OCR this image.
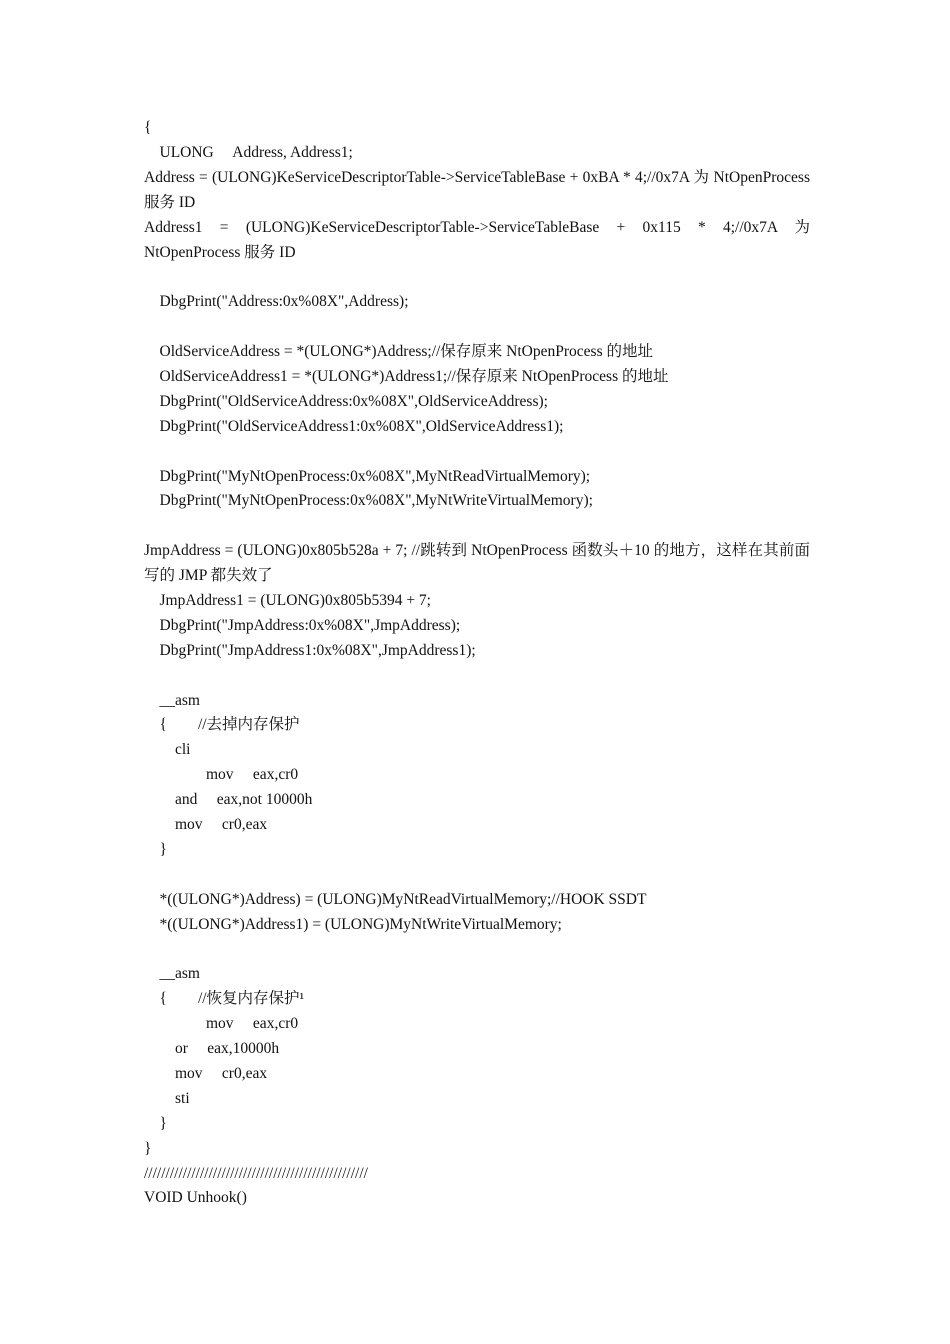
{
ULONG     Address, Address1;
Address = (ULONG)KeServiceDescriptorTable->ServiceTableBase + 0xBA * 4;//0x7A 为 NtOpenProcess 服务 ID
Address1 = (ULONG)KeServiceDescriptorTable->ServiceTableBase + 0x115 * 4;//0x7A 为 NtOpenProcess 服务 ID
DbgPrint("Address:0x%08X",Address);
OldServiceAddress = *(ULONG*)Address;//保存原来 NtOpenProcess 的地址
OldServiceAddress1 = *(ULONG*)Address1;//保存原来 NtOpenProcess 的地址
DbgPrint("OldServiceAddress:0x%08X",OldServiceAddress);
DbgPrint("OldServiceAddress1:0x%08X",OldServiceAddress1);
DbgPrint("MyNtOpenProcess:0x%08X",MyNtReadVirtualMemory);
DbgPrint("MyNtOpenProcess:0x%08X",MyNtWriteVirtualMemory);
JmpAddress = (ULONG)0x805b528a + 7; //跳转到 NtOpenProcess 函数头＋10 的地方，这样在其前面写的 JMP 都失效了
JmpAddress1 = (ULONG)0x805b5394 + 7;
DbgPrint("JmpAddress:0x%08X",JmpAddress);
DbgPrint("JmpAddress1:0x%08X",JmpAddress1);
__asm
{        //去掉内存保护
cli
mov     eax,cr0
and     eax,not 10000h
mov     cr0,eax
}
*((ULONG*)Address) = (ULONG)MyNtReadVirtualMemory;//HOOK SSDT
*((ULONG*)Address1) = (ULONG)MyNtWriteVirtualMemory;
__asm
{        //恢复内存保护¹
mov     eax,cr0
or     eax,10000h
mov     cr0,eax
sti
}
}
////////////////////////////////////////////////////
VOID Unhook()
